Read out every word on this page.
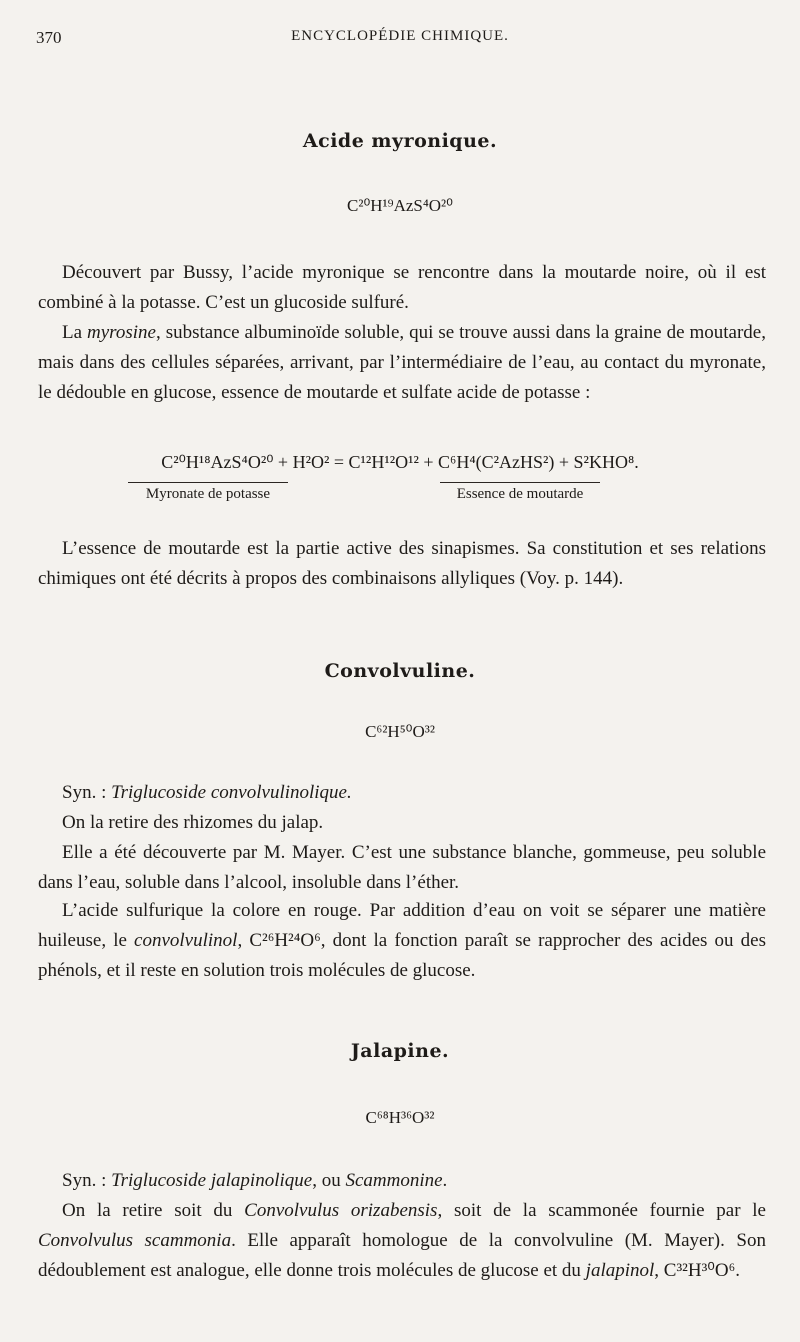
370	ENCYCLOPÉDIE CHIMIQUE.
Acide myronique.
C²⁰H¹⁹AzS⁴O²⁰
Découvert par Bussy, l’acide myronique se rencontre dans la moutarde noire, où il est combiné à la potasse. C’est un glucoside sulfuré.
La myrosine, substance albuminoïde soluble, qui se trouve aussi dans la graine de moutarde, mais dans des cellules séparées, arrivant, par l’intermédiaire de l’eau, au contact du myronate, le dédouble en glucose, essence de moutarde et sulfate acide de potasse :
C²⁰H¹⁸AzS⁴O²⁰ + H²O² = C¹²H¹²O¹² + C⁶H⁴(C²AzHS²) + S²KHO⁸.
Myronate de potasse	Essence de moutarde
L’essence de moutarde est la partie active des sinapismes. Sa constitution et ses relations chimiques ont été décrits à propos des combinaisons allyliques (Voy. p. 144).
Convolvuline.
C⁶²H⁵⁰O³²
Syn. : Triglucoside convolvulinolique.
On la retire des rhizomes du jalap.
Elle a été découverte par M. Mayer. C’est une substance blanche, gommeuse, peu soluble dans l’eau, soluble dans l’alcool, insoluble dans l’éther.
L’acide sulfurique la colore en rouge. Par addition d’eau on voit se séparer une matière huileuse, le convolvulinol, C²⁶H²⁴O⁶, dont la fonction paraît se rapprocher des acides ou des phénols, et il reste en solution trois molécules de glucose.
Jalapine.
C⁶⁸H³⁶O³²
Syn. : Triglucoside jalapinolique, ou Scammonine.
On la retire soit du Convolvulus orizabensis, soit de la scammonée fournie par le Convolvulus scammonia. Elle apparaît homologue de la convolvuline (M. Mayer). Son dédoublement est analogue, elle donne trois molécules de glucose et du jalapinol, C³²H³⁰O⁶.
